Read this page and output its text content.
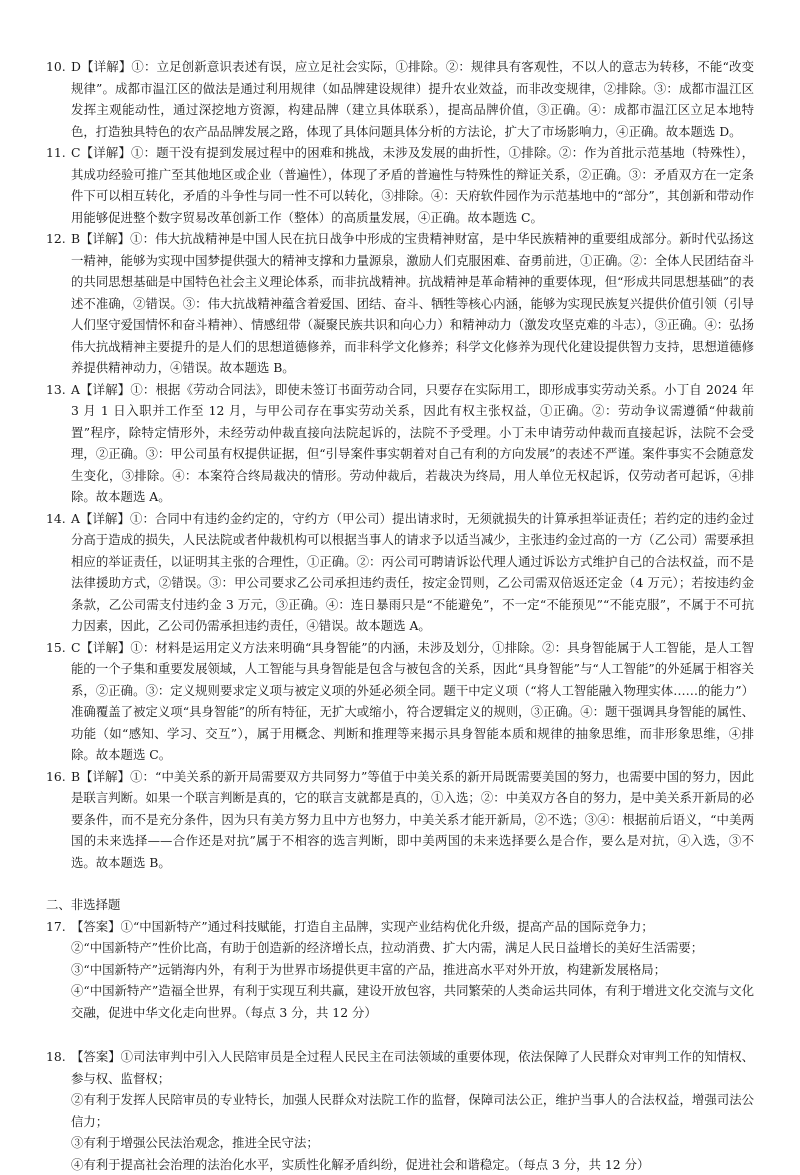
10. D【详解】①：立足创新意识表述有误，应立足社会实际，①排除。②：规律具有客观性，不以人的意志为转移，不能“改变规律”。成都市温江区的做法是通过利用规律（如品牌建设规律）提升农业效益，而非改变规律，②排除。③：成都市温江区发挥主观能动性，通过深挖地方资源，构建品牌（建立具体联系），提高品牌价值，③正确。④：成都市温江区立足本地特色，打造独具特色的农产品品牌发展之路，体现了具体问题具体分析的方法论，扩大了市场影响力，④正确。故本题选 D。
11. C【详解】①：题干没有提到发展过程中的困难和挑战，未涉及发展的曲折性，①排除。②：作为首批示范基地（特殊性），其成功经验可推广至其他地区或企业（普遍性），体现了矛盾的普遍性与特殊性的辩证关系，②正确。③：矛盾双方在一定条件下可以相互转化，矛盾的斗争性与同一性不可以转化，③排除。④：天府软件园作为示范基地中的“部分”，其创新和带动作用能够促进整个数字贸易改革创新工作（整体）的高质量发展，④正确。故本题选 C。
12. B【详解】①：伟大抗战精神是中国人民在抗日战争中形成的宝贵精神财富，是中华民族精神的重要组成部分。新时代弘扬这一精神，能够为实现中国梦提供强大的精神支撑和力量源泉，激励人们克服困难、奋勇前进，①正确。②：全体人民团结奋斗的共同思想基础是中国特色社会主义理论体系，而非抗战精神。抗战精神是革命精神的重要体现，但“形成共同思想基础”的表述不准确，②错误。③：伟大抗战精神蕴含着爱国、团结、奋斗、牺牲等核心内涵，能够为实现民族复兴提供价值引领（引导人们坚守爱国情怀和奋斗精神）、情感纽带（凝聚民族共识和向心力）和精神动力（激发攻坚克难的斗志），③正确。④：弘扬伟大抗战精神主要提升的是人们的思想道德修养，而非科学文化修养；科学文化修养为现代化建设提供智力支持，思想道德修养提供精神动力，④错误。故本题选 B。
13. A【详解】①：根据《劳动合同法》，即使未签订书面劳动合同，只要存在实际用工，即形成事实劳动关系。小丁自 2024 年 3 月 1 日入职并工作至 12 月，与甲公司存在事实劳动关系，因此有权主张权益，①正确。②：劳动争议需遵循“仲裁前置”程序，除特定情形外，未经劳动仲裁直接向法院起诉的，法院不予受理。小丁未申请劳动仲裁而直接起诉，法院不会受理，②正确。③：甲公司虽有权提供证据，但“引导案件事实朝着对自己有利的方向发展”的表述不严谨。案件事实不会随意发生变化，③排除。④：本案符合终局裁决的情形。劳动仲裁后，若裁决为终局，用人单位无权起诉，仅劳动者可起诉，④排除。故本题选 A。
14. A【详解】①：合同中有违约金约定的，守约方（甲公司）提出请求时，无须就损失的计算承担举证责任；若约定的违约金过分高于造成的损失，人民法院或者仲裁机构可以根据当事人的请求予以适当减少，主张违约金过高的一方（乙公司）需要承担相应的举证责任，以证明其主张的合理性，①正确。②：丙公司可聘请诉讼代理人通过诉讼方式维护自己的合法权益，而不是法律援助方式，②错误。③：甲公司要求乙公司承担违约责任，按定金罚则，乙公司需双倍返还定金（4 万元）；若按违约金条款，乙公司需支付违约金 3 万元，③正确。④：连日暴雨只是“不能避免”，不一定“不能预见”“不能克服”，不属于不可抗力因素，因此，乙公司仍需承担违约责任，④错误。故本题选 A。
15. C【详解】①：材料是运用定义方法来明确“具身智能”的内涵，未涉及划分，①排除。②：具身智能属于人工智能，是人工智能的一个子集和重要发展领域，人工智能与具身智能是包含与被包含的关系，因此“具身智能”与“人工智能”的外延属于相容关系，②正确。③：定义规则要求定义项与被定义项的外延必须全同。题干中定义项（“将人工智能融入物理实体……的能力”）准确覆盖了被定义项“具身智能”的所有特征，无扩大或缩小，符合逻辑定义的规则，③正确。④：题干强调具身智能的属性、功能（如“感知、学习、交互”），属于用概念、判断和推理等来揭示具身智能本质和规律的抽象思维，而非形象思维，④排除。故本题选 C。
16. B【详解】①：“中美关系的新开局需要双方共同努力”等值于中美关系的新开局既需要美国的努力，也需要中国的努力，因此是联言判断。如果一个联言判断是真的，它的联言支就都是真的，①入选；②：中美双方各自的努力，是中美关系开新局的必要条件，而不是充分条件，因为只有美方努力且中方也努力，中美关系才能开新局，②不选；③④：根据前后语义，“中美两国的未来选择——合作还是对抗”属于不相容的选言判断，即中美两国的未来选择要么是合作，要么是对抗，④入选，③不选。故本题选 B。
二、非选择题
17. 【答案】①“中国新特产”通过科技赋能，打造自主品牌，实现产业结构优化升级，提高产品的国际竞争力；
②“中国新特产”性价比高，有助于创造新的经济增长点，拉动消费、扩大内需，满足人民日益增长的美好生活需要；
③“中国新特产”远销海内外，有利于为世界市场提供更丰富的产品，推进高水平对外开放，构建新发展格局；
④“中国新特产”造福全世界，有利于实现互利共赢，建设开放包容，共同繁荣的人类命运共同体，有利于增进文化交流与文化交融，促进中华文化走向世界。（每点 3 分，共 12 分）
18. 【答案】①司法审判中引入人民陪审员是全过程人民民主在司法领域的重要体现，依法保障了人民群众对审判工作的知情权、参与权、监督权；
②有利于发挥人民陪审员的专业特长，加强人民群众对法院工作的监督，保障司法公正，维护当事人的合法权益，增强司法公信力；
③有利于增强公民法治观念，推进全民守法；
④有利于提高社会治理的法治化水平，实质性化解矛盾纠纷，促进社会和谐稳定。（每点 3 分，共 12 分）
